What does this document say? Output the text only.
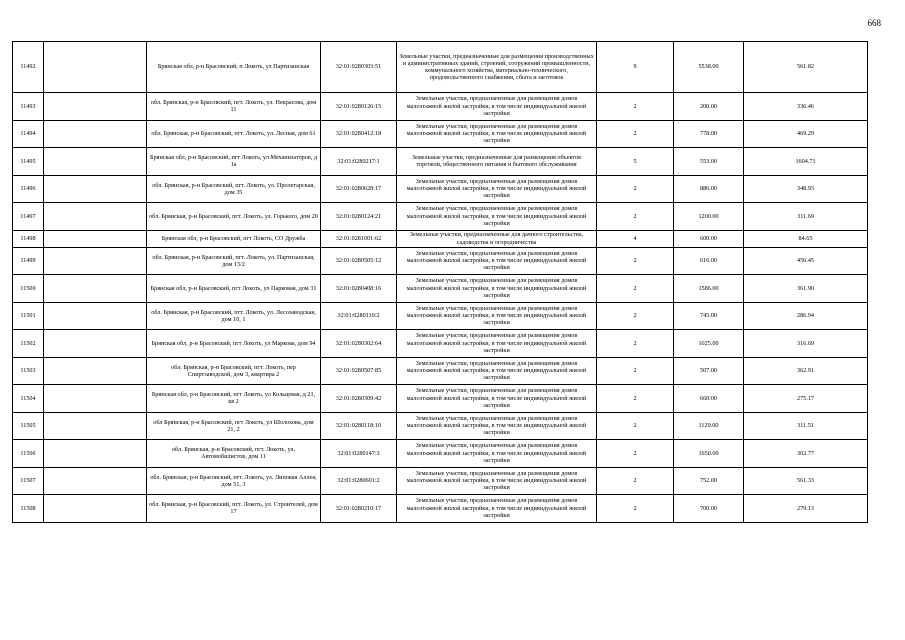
668
11492		Брянская обл, р-н Брасовский, п Локоть, ул Партизанская	32:01:0280303:51	Земельные участки, предназначенные для размещения производственных и административных зданий, строений, сооружений промышленности, коммунального хозяйства, материально-технического, продовольственного снабжения, сбыта и заготовок	9	5538.00	561.82	
11493		обл. Брянская, р-н Брасовский, пгт. Локоть, ул. Некрасова, дом 11	32:01:0280126:15	Земельные участки, предназначенные для размещения домов малоэтажной жилой застройки, в том числе индивидуальной жилой застройки	2	200.00	336.46	
11494		обл. Брянская, р-н Брасовский, пгт. Локоть, ул. Лесная, дом 61	32:01:0280412:18	Земельные участки, предназначенные для размещения домов малоэтажной жилой застройки, в том числе индивидуальной жилой застройки	2	778.00	469.29	
11495		Брянская обл, р-н Брасовский, пгт Локоть, ул Механизаторов, д 1а	32:01:0280217:1	Земельные участки, предназначенные для размещения объектов торговли, общественного питания и бытового обслуживания	5	553.00	1604.71	
11496		обл. Брянская, р-н Брасовский, пгт. Локоть, ул. Пролетарская, дом 35	32:01:0280628:17	Земельные участки, предназначенные для размещения домов малоэтажной жилой застройки, в том числе индивидуальной жилой застройки	2	886.00	348.93	
11497		обл. Брянская, р-н Брасовский, пгт. Локоть, ул. Горького, дом 20	32:01:0280124:21	Земельные участки, предназначенные для размещения домов малоэтажной жилой застройки, в том числе индивидуальной жилой застройки	2	1200.00	311.69	
11498		Брянская обл, р-н Брасовский, пгт Локоть, СО Дружба	32:01:0281001:62	Земельные участки, предназначенные для дачного строительства, садоводства и огородничества	4	600.00	84.65	
11499		обл. Брянская, р-н Брасовский, пгт. Локоть, ул. Партизанская, дом 13/2	32:01:0280505:12	Земельные участки, предназначенные для размещения домов малоэтажной жилой застройки, в том числе индивидуальной жилой застройки	2	616.00	456.45	
11500		Брянская обл, р-н Брасовский, пгт Локоть, ул Парковая, дом 31	32:01:0280408:16	Земельные участки, предназначенные для размещения домов малоэтажной жилой застройки, в том числе индивидуальной жилой застройки	2	1586.00	361.90	
11501		обл. Брянская, р-н Брасовский, пгт. Локоть, ул. Лесозаводская, дом 10, 1	32:01:0280110:2	Земельные участки, предназначенные для размещения домов малоэтажной жилой застройки, в том числе индивидуальной жилой застройки	2	745.00	286.94	
11502		Брянская обл, р-н Брасовский, пгт Локоть, ул Маркова, дом 94	32:01:0280302:64	Земельные участки, предназначенные для размещения домов малоэтажной жилой застройки, в том числе индивидуальной жилой застройки	2	1025.00	316.69	
11503		обл. Брянская, р-н Брасовский, пгт. Локоть, пер Спиртзаводской, дом 3, квартира 2	32:01:0280507:85	Земельные участки, предназначенные для размещения домов малоэтажной жилой застройки, в том числе индивидуальной жилой застройки	2	507.00	362.91	
11504		Брянская обл, р-н Брасовский, пгт Локоть, ул Кольцевая, д 21, кв 2	32:01:0280309:42	Земельные участки, предназначенные для размещения домов малоэтажной жилой застройки, в том числе индивидуальной жилой застройки	2	660.00	275.17	
11505		обл Брянская, р-н Брасовский, пгт Локоть, ул Шолохова, дом 21, 2	32:01:0280118:10	Земельные участки, предназначенные для размещения домов малоэтажной жилой застройки, в том числе индивидуальной жилой застройки	2	1129.00	311.51	
11506		обл. Брянская, р-н Брасовский, пгт. Локоть, ул. Автомобилистов, дом 11	32:01:0280147:3	Земельные участки, предназначенные для размещения домов малоэтажной жилой застройки, в том числе индивидуальной жилой застройки	2	1650.00	302.77	
11507		обл. Брянская, р-н Брасовский, пгт. Локоть, ул. Липовая Аллея, дом 51, 3	32:01:0280601:2	Земельные участки, предназначенные для размещения домов малоэтажной жилой застройки, в том числе индивидуальной жилой застройки	2	752.00	561.33	
11508		обл. Брянская, р-н Брасовский, пгт. Локоть, ул. Строителей, дом 17	32:01:0280210:17	Земельные участки, предназначенные для размещения домов малоэтажной жилой застройки, в том числе индивидуальной жилой застройки	2	700.00	279.13	
